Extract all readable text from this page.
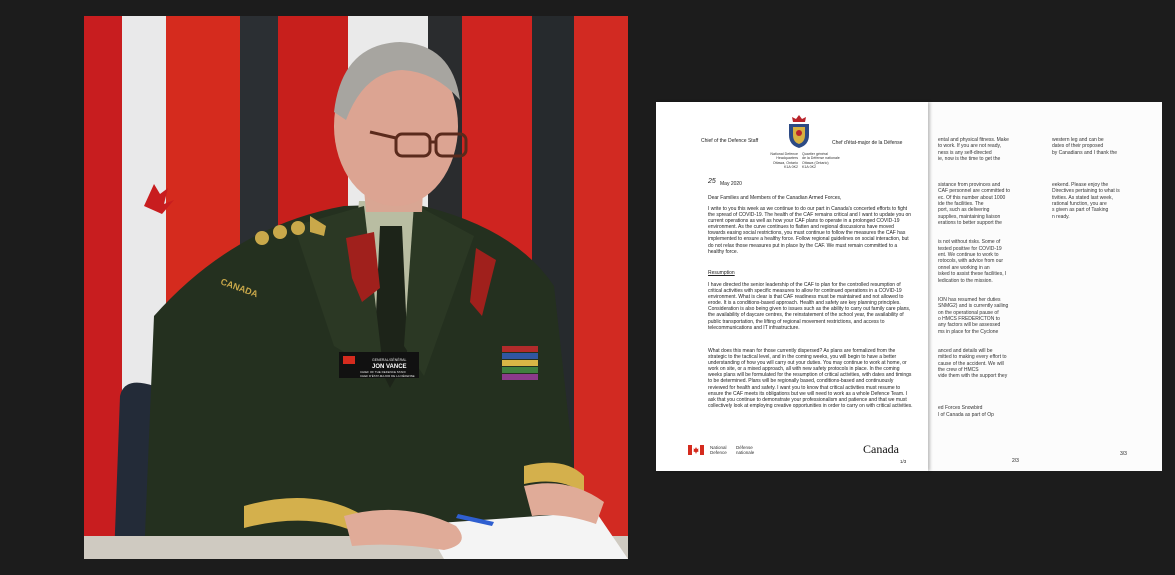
GENERAL/GÉNÉRAL
JON VANCE
CHIEF OF THE DEFENCE STAFF
CHEF D'ÉTAT-MAJOR DE LA DÉFENSE
CANADA
ental and physical fitness. Make
to work. If you are not ready,
ness is any self-directed
ie, now is the time to get the
sistance from provinces and
CAF personnel are committed to
ec. Of this number about 1000
ide the facilities. The
port, such as delivering
supplies, maintaining liaison
erations to better support the
is not without risks. Some of
tested positive for COVID-19
ent. We continue to work to
rotocols, with advice from our
onnel are working in an
isked to assist these facilities, I
ledication to the mission.
ION has resumed her duties
SNMG2) and is currently sailing
on the operational pause of
o HMCS FREDERICTON to
any factors will be assessed
ms in place for the Cyclone
anced and details will be
mitted to making every effort to
cause of the accident. We will
the crew of HMCS
vide them with the support they
ed Forces Snowbird
l of Canada as part of Op
2/3
western leg and can be
dates of their proposed
by Canadians and I thank the
eekend. Please enjoy the
Directives pertaining to what is
tivities. As stated last week,
rational function, you are
s given as part of Tasking
n ready.
3/3
Chief of the Defence Staff	Chef d'état-major de la Défense
National Defence
Headquarters
Ottawa, Ontario
K1A 0K2
Quartier général
de la Défense nationale
Ottawa (Ontario)
K1A 0K2
25 May 2020
Dear Families and Members of the Canadian Armed Forces,
I write to you this week as we continue to do our part in Canada's concerted efforts to fight the spread of COVID-19. The health of the CAF remains critical and I want to update you on current operations as well as how your CAF plans to operate in a prolonged COVID-19 environment. As the curve continues to flatten and regional discussions have moved towards easing social restrictions, you must continue to follow the measures the CAF has implemented to ensure a healthy force. Follow regional guidelines on social interaction, but do not relax those measures put in place by the CAF. We must remain committed to a healthy force.
Resumption
I have directed the senior leadership of the CAF to plan for the controlled resumption of critical activities with specific measures to allow for continued operations in a COVID-19 environment. What is clear is that CAF readiness must be maintained and not allowed to erode. It is a conditions-based approach. Health and safety are key planning principles. Consideration is also being given to issues such as the ability to carry out family care plans, the availability of daycare centres, the reinstatement of the school year, the availability of public transportation, the lifting of regional movement restrictions, and access to telecommunications and IT infrastructure.
What does this mean for those currently dispersed? As plans are formalized from the strategic to the tactical level, and in the coming weeks, you will begin to have a better understanding of how you will carry out your duties. You may continue to work at home, or work on site, or a mixed approach, all with new safety protocols in place. In the coming weeks plans will be formulated for the resumption of critical activities, with dates and timings to be determined. Plans will be regionally based, conditions-based and continuously reviewed for health and safety. I want you to know that critical activities must resume to ensure the CAF meets its obligations but we will need to work as a whole Defence Team. I ask that you continue to demonstrate your professionalism and patience and that we must collectively look at employing creative opportunities in order to carry on with critical activities.
National
Defence
Défense
nationale	Canada
1/3
